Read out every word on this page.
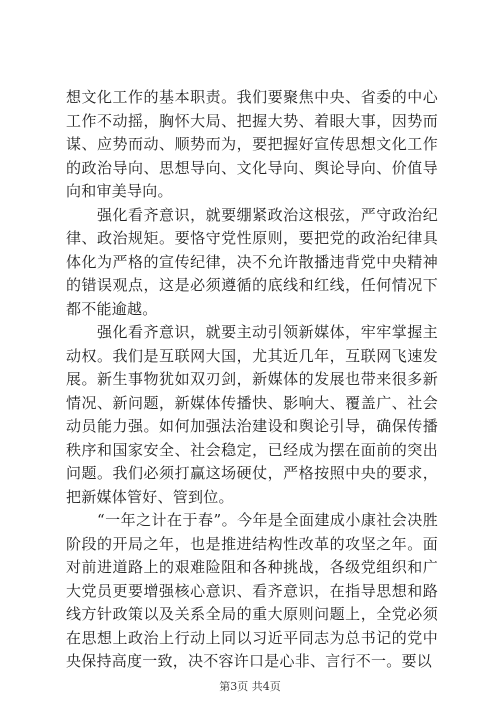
想文化工作的基本职责。我们要聚焦中央、省委的中心工作不动摇，胸怀大局、把握大势、着眼大事，因势而谋、应势而动、顺势而为，要把握好宣传思想文化工作的政治导向、思想导向、文化导向、舆论导向、价值导向和审美导向。

强化看齐意识，就要绷紧政治这根弦，严守政治纪律、政治规矩。要恪守党性原则，要把党的政治纪律具体化为严格的宣传纪律，决不允许散播违背党中央精神的错误观点，这是必须遵循的底线和红线，任何情况下都不能逾越。

强化看齐意识，就要主动引领新媒体，牢牢掌握主动权。我们是互联网大国，尤其近几年，互联网飞速发展。新生事物犹如双刃剑，新媒体的发展也带来很多新情况、新问题，新媒体传播快、影响大、覆盖广、社会动员能力强。如何加强法治建设和舆论引导，确保传播秩序和国家安全、社会稳定，已经成为摆在面前的突出问题。我们必须打赢这场硬仗，严格按照中央的要求，把新媒体管好、管到位。

“一年之计在于春”。今年是全面建成小康社会决胜阶段的开局之年，也是推进结构性改革的攻坚之年。面对前进道路上的艰难险阻和各种挑战，各级党组织和广大党员更要增强核心意识、看齐意识，在指导思想和路线方针政策以及关系全局的重大原则问题上，全党必须在思想上政治上行动上同以习近平同志为总书记的党中央保持高度一致，决不容许口是心非、言行不一。要以

第3页 共4页
